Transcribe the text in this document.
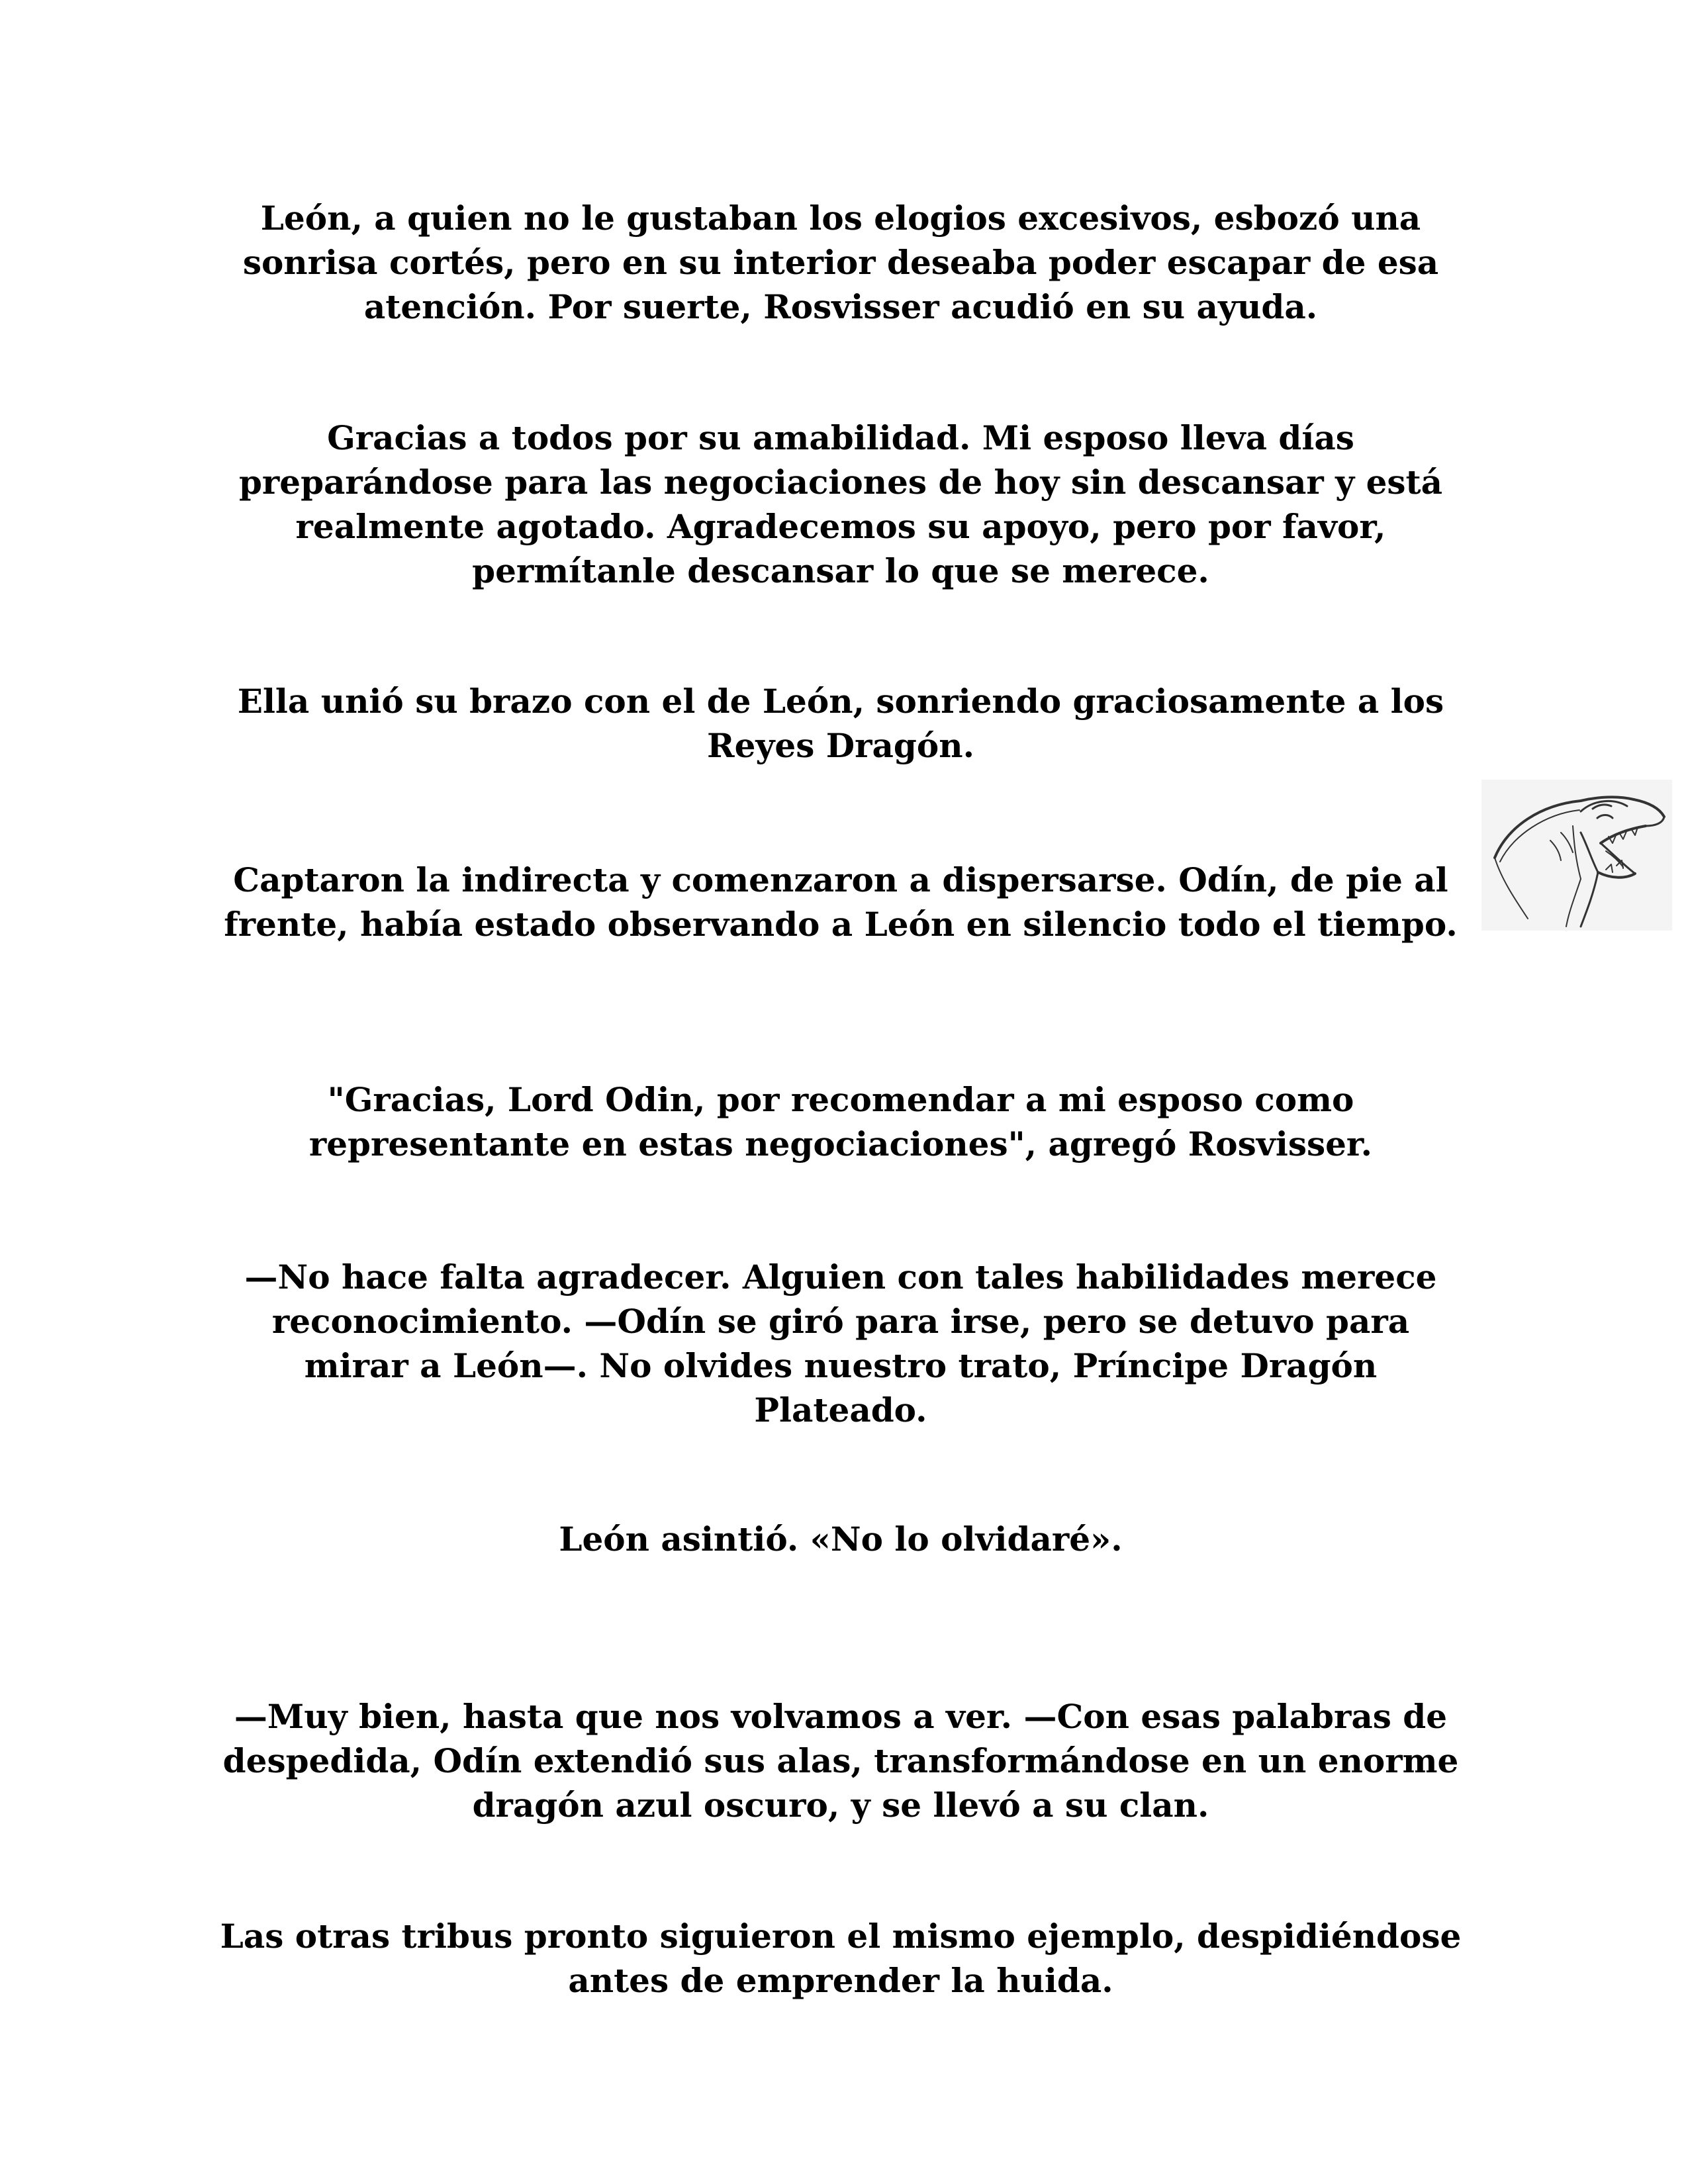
León, a quien no le gustaban los elogios excesivos, esbozó una sonrisa cortés, pero en su interior deseaba poder escapar de esa atención. Por suerte, Rosvisser acudió en su ayuda.

Gracias a todos por su amabilidad. Mi esposo lleva días preparándose para las negociaciones de hoy sin descansar y está realmente agotado. Agradecemos su apoyo, pero por favor, permítanle descansar lo que se merece.

Ella unió su brazo con el de León, sonriendo graciosamente a los Reyes Dragón.

Captaron la indirecta y comenzaron a dispersarse. Odín, de pie al frente, había estado observando a León en silencio todo el tiempo.

"Gracias, Lord Odin, por recomendar a mi esposo como representante en estas negociaciones", agregó Rosvisser.

—No hace falta agradecer. Alguien con tales habilidades merece reconocimiento. —Odín se giró para irse, pero se detuvo para mirar a León—. No olvides nuestro trato, Príncipe Dragón Plateado.

León asintió. «No lo olvidaré».

—Muy bien, hasta que nos volvamos a ver. —Con esas palabras de despedida, Odín extendió sus alas, transformándose en un enorme dragón azul oscuro, y se llevó a su clan.

Las otras tribus pronto siguieron el mismo ejemplo, despidiéndose antes de emprender la huida.
